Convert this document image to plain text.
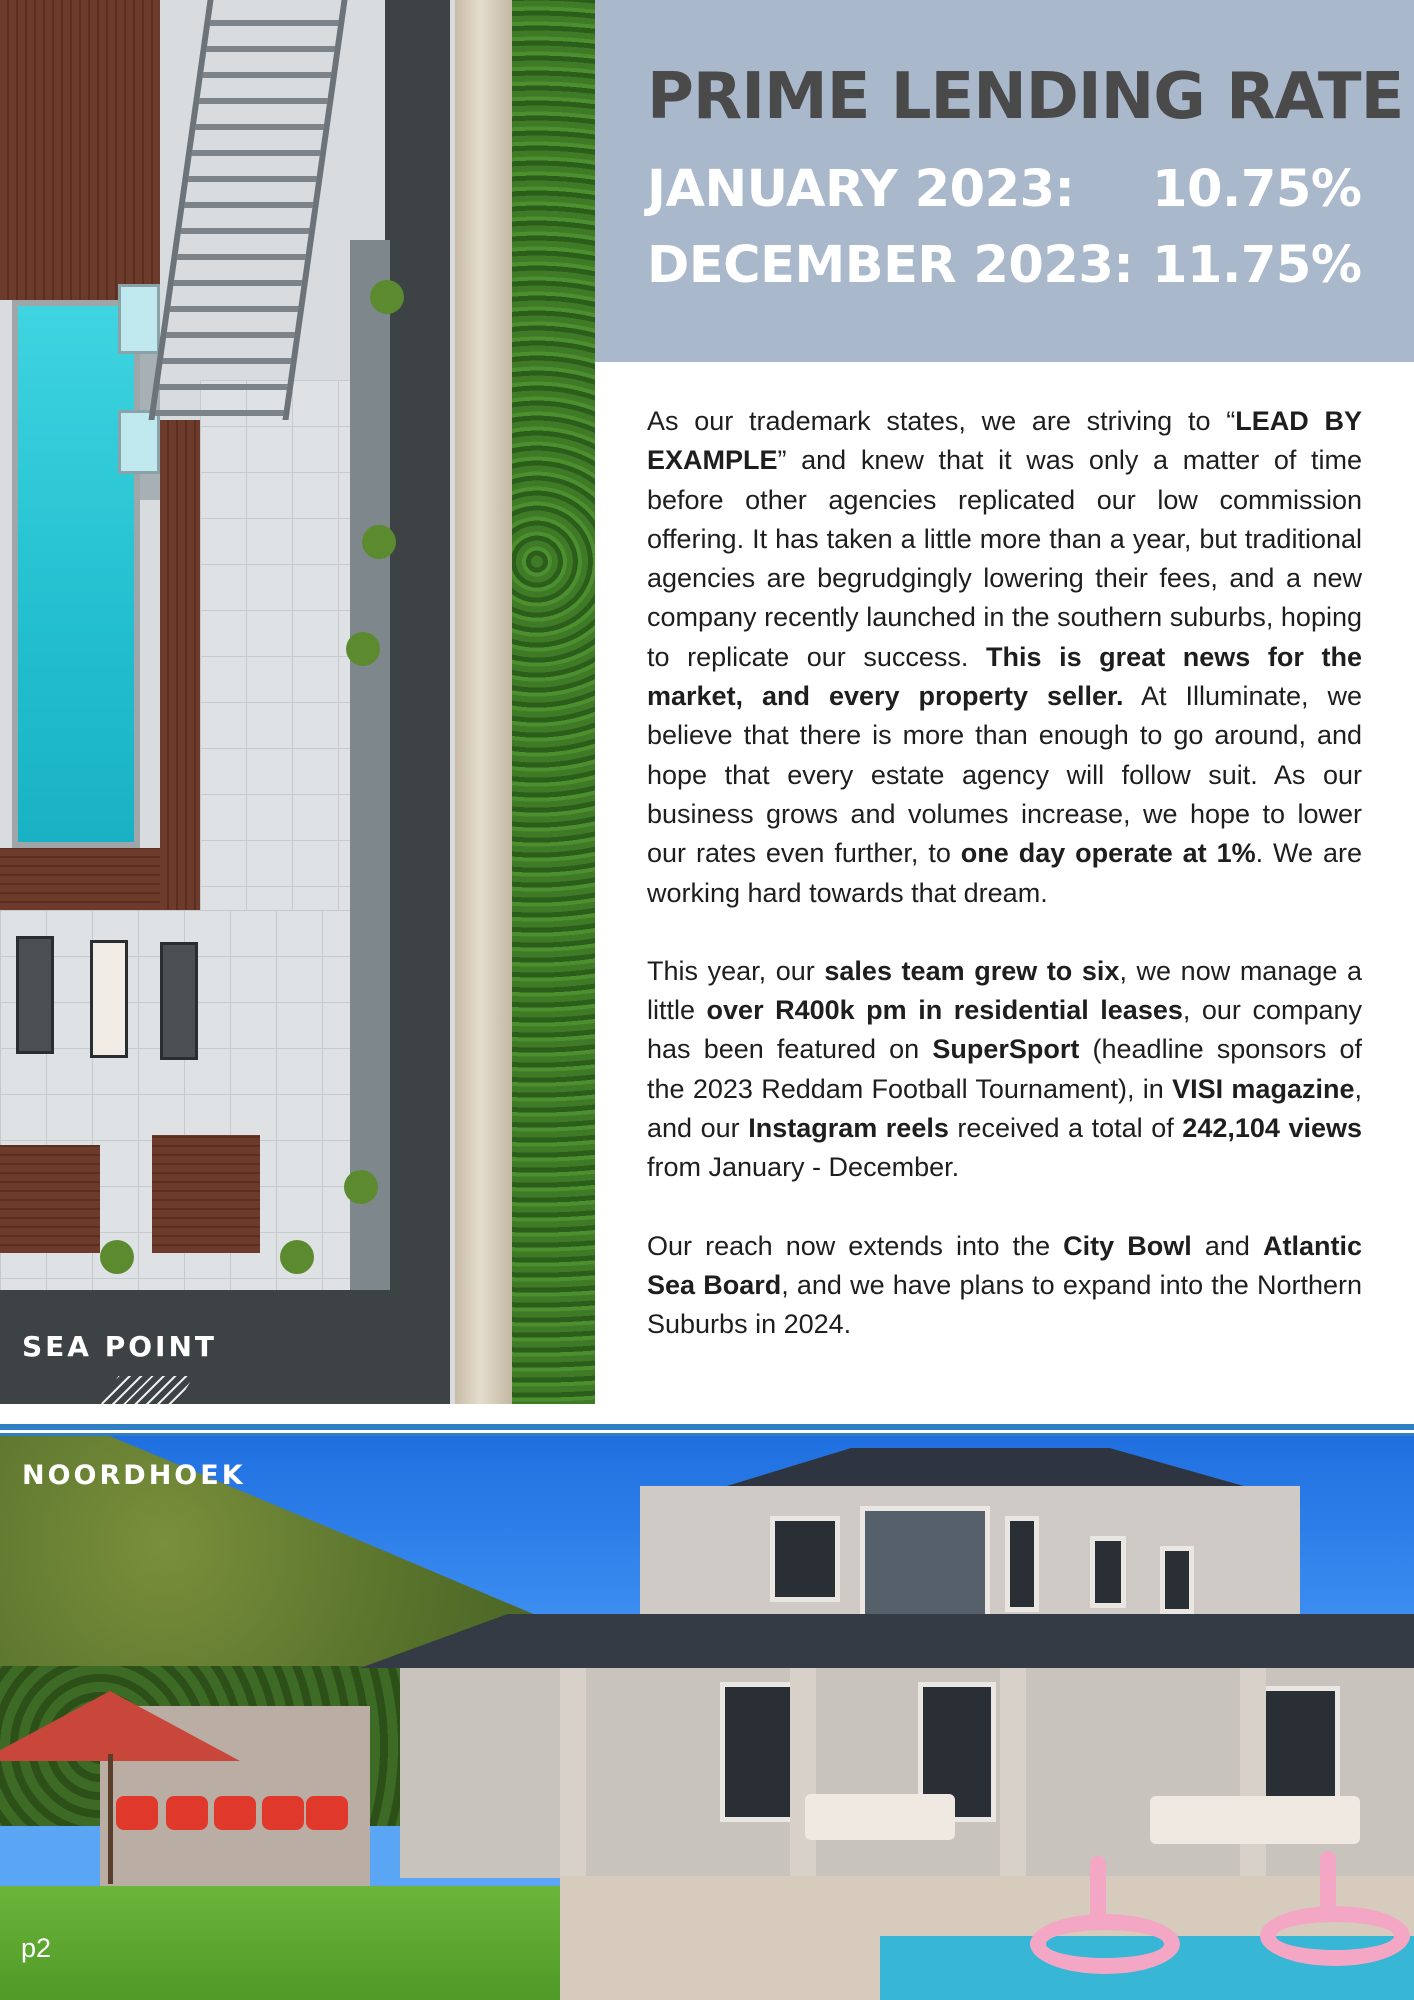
SEA POINT
PRIME LENDING RATE
JANUARY 2023: 10.75%
DECEMBER 2023: 11.75%

As our trademark states, we are striving to “LEAD BY EXAMPLE” and knew that it was only a matter of time before other agencies replicated our low commission offering. It has taken a little more than a year, but traditional agencies are begrudgingly lowering their fees, and a new company recently launched in the southern suburbs, hoping to replicate our success. This is great news for the market, and every property seller. At Illuminate, we believe that there is more than enough to go around, and hope that every estate agency will follow suit. As our business grows and volumes increase, we hope to lower our rates even further, to one day operate at 1%. We are working hard towards that dream.

This year, our sales team grew to six, we now manage a little over R400k pm in residential leases, our company has been featured on SuperSport (headline sponsors of the 2023 Reddam Football Tournament), in VISI magazine, and our Instagram reels received a total of 242,104 views from January - December.

Our reach now extends into the City Bowl and Atlantic Sea Board, and we have plans to expand into the Northern Suburbs in 2024.

NOORDHOEK
p2
